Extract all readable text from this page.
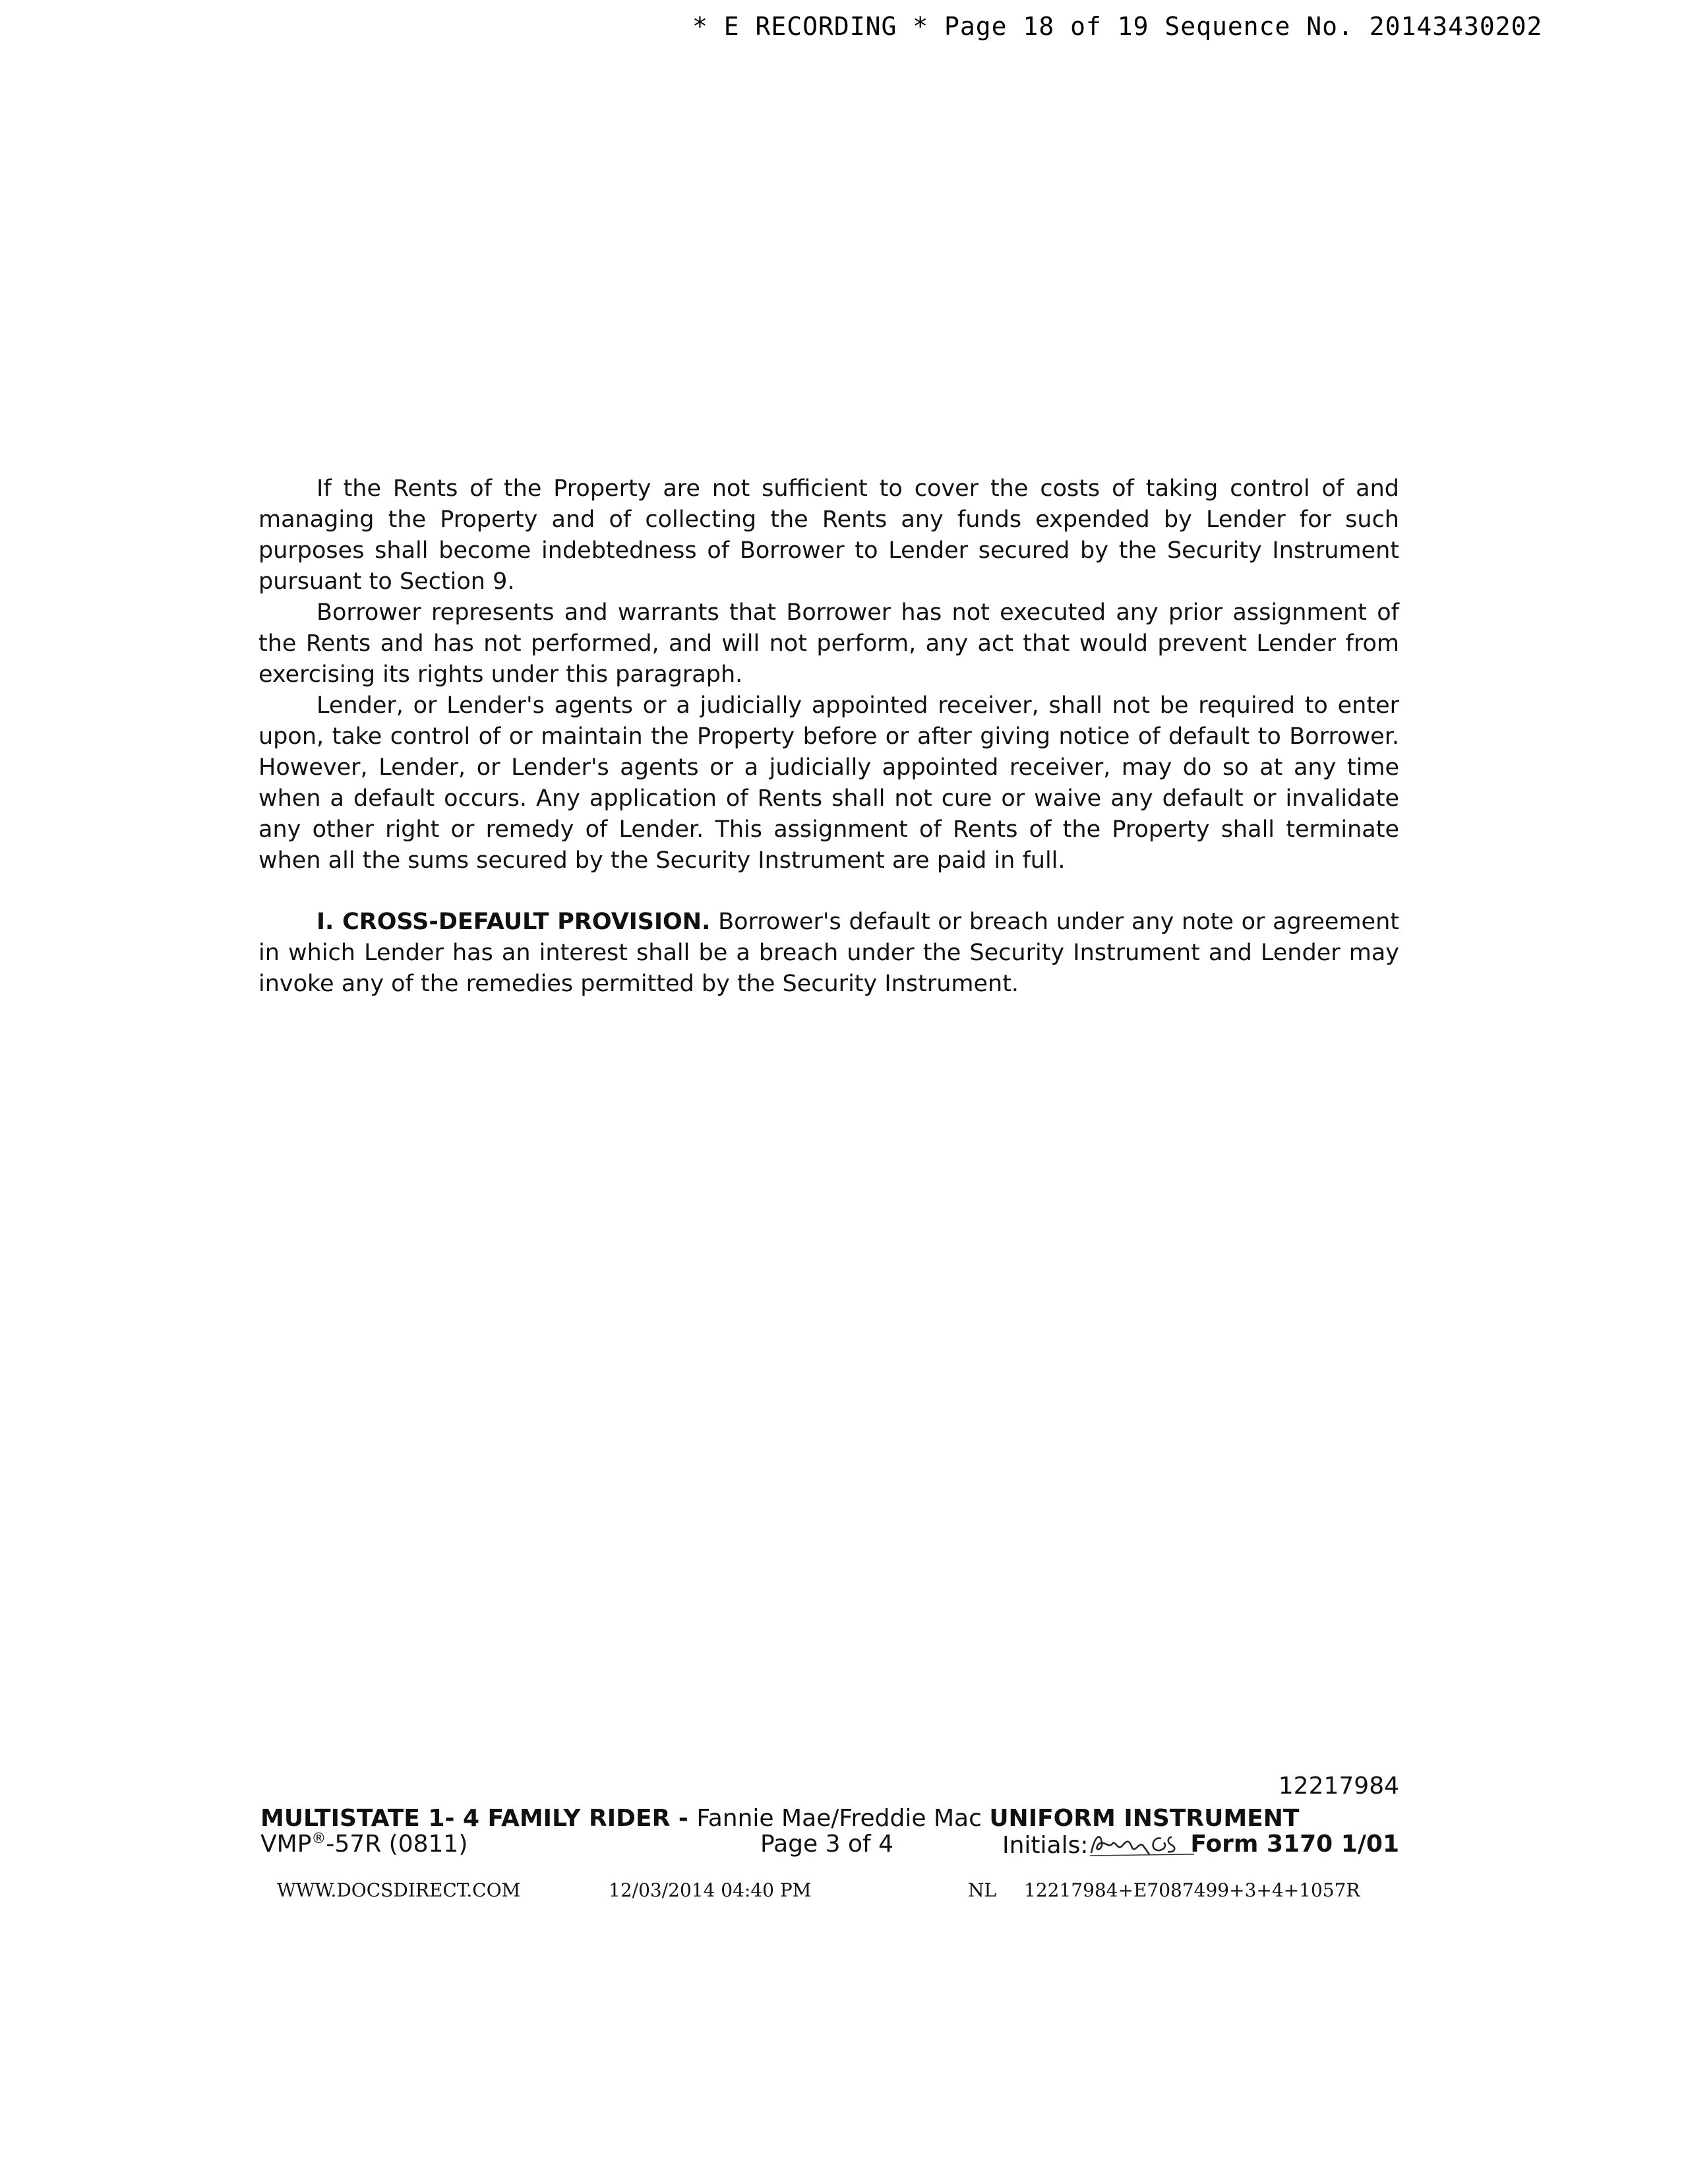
* E RECORDING * Page 18 of 19 Sequence No. 20143430202

If the Rents of the Property are not sufficient to cover the costs of taking control of and managing the Property and of collecting the Rents any funds expended by Lender for such purposes shall become indebtedness of Borrower to Lender secured by the Security Instrument pursuant to Section 9.

Borrower represents and warrants that Borrower has not executed any prior assignment of the Rents and has not performed, and will not perform, any act that would prevent Lender from exercising its rights under this paragraph.

Lender, or Lender's agents or a judicially appointed receiver, shall not be required to enter upon, take control of or maintain the Property before or after giving notice of default to Borrower. However, Lender, or Lender's agents or a judicially appointed receiver, may do so at any time when a default occurs. Any application of Rents shall not cure or waive any default or invalidate any other right or remedy of Lender. This assignment of Rents of the Property shall terminate when all the sums secured by the Security Instrument are paid in full.

I. CROSS-DEFAULT PROVISION. Borrower's default or breach under any note or agreement in which Lender has an interest shall be a breach under the Security Instrument and Lender may invoke any of the remedies permitted by the Security Instrument.

12217984
MULTISTATE 1- 4 FAMILY RIDER - Fannie Mae/Freddie Mac UNIFORM INSTRUMENT
VMP®-57R (0811)	Page 3 of 4	Initials:	Form 3170 1/01
WWW.DOCSDIRECT.COM	12/03/2014 04:40 PM	NL 12217984+E7087499+3+4+1057R
